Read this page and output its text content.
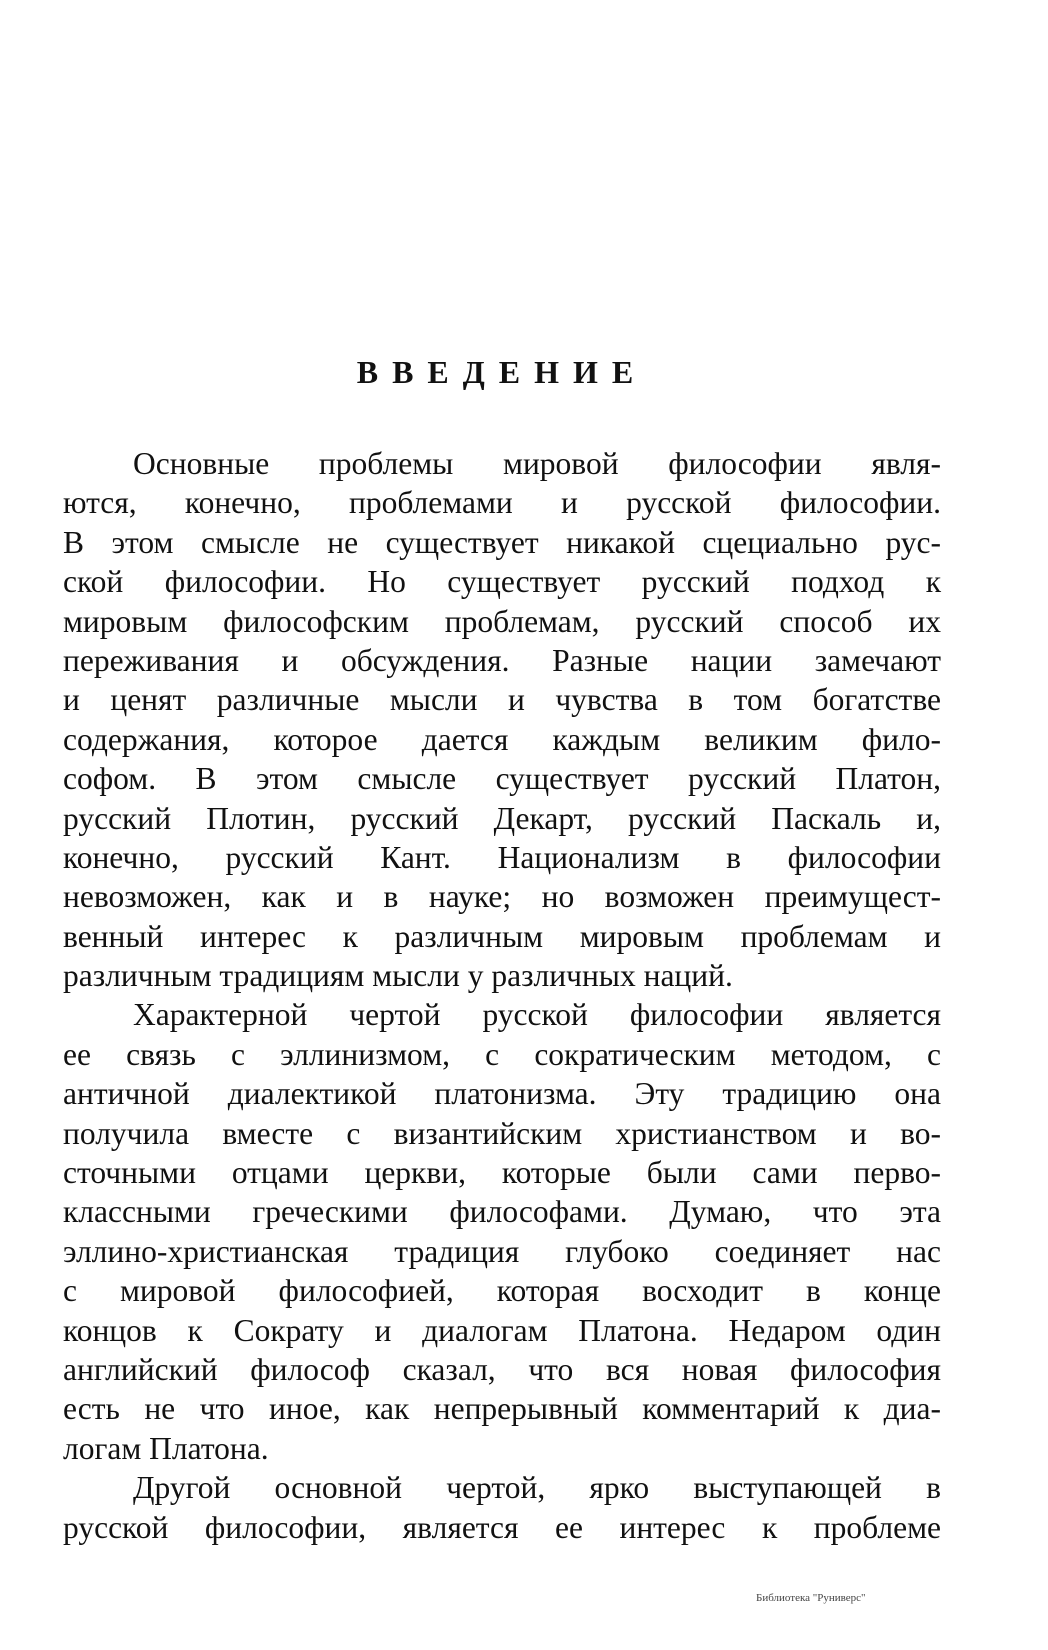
ВВЕДЕНИЕ
Основные проблемы мировой философии явля-
ются, конечно, проблемами и русской философии.
В этом смысле не существует никакой сцециально рус-
ской философии. Но существует русский подход к
мировым философским проблемам, русский способ их
переживания и обсуждения. Разные нации замечают
и ценят различные мысли и чувства в том богатстве
содержания, которое дается каждым великим фило-
софом. В этом смысле существует русский Платон,
русский Плотин, русский Декарт, русский Паскаль и,
конечно, русский Кант. Национализм в философии
невозможен, как и в науке; но возможен преимущест-
венный интерес к различным мировым проблемам и
различным традициям мысли у различных наций.
Характерной чертой русской философии является
ее связь с эллинизмом, с сократическим методом, с
античной диалектикой платонизма. Эту традицию она
получила вместе с византийским христианством и во-
сточными отцами церкви, которые были сами перво-
классными греческими философами. Думаю, что эта
эллино-христианская традиция глубоко соединяет нас
с мировой философией, которая восходит в конце
концов к Сократу и диалогам Платона. Недаром один
английский философ сказал, что вся новая философия
есть не что иное, как непрерывный комментарий к диа-
логам Платона.
Другой основной чертой, ярко выступающей в
русской философии, является ее интерес к проблеме
Библиотека "Руниверс"
